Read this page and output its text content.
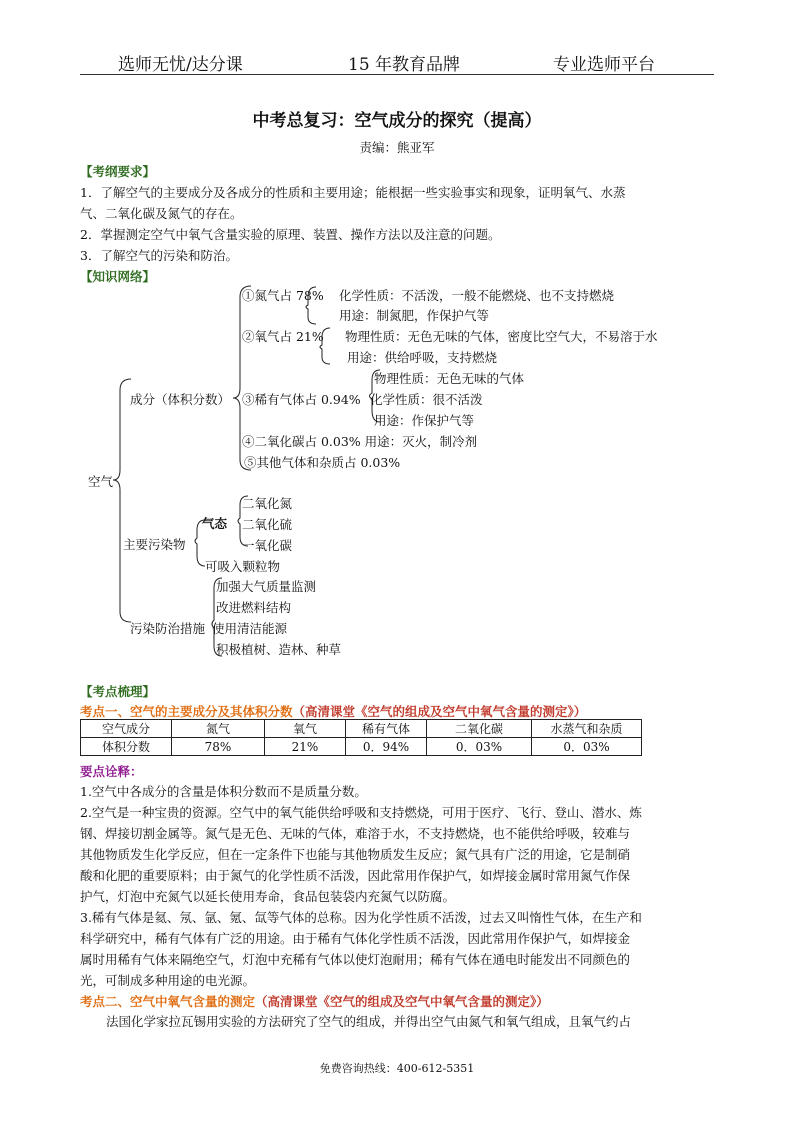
选师无忧/达分课	15 年教育品牌	专业选师平台
中考总复习：空气成分的探究（提高）
责编：熊亚军
【考纲要求】
1．了解空气的主要成分及各成分的性质和主要用途；能根据一些实验事实和现象，证明氧气、水蒸
气、二氧化碳及氮气的存在。
2．掌握测定空气中氧气含量实验的原理、装置、操作方法以及注意的问题。
3．了解空气的污染和防治。
【知识网络】
空气
成分（体积分数）
①氮气占 78% 化学性质：不活泼，一般不能燃烧、也不支持燃烧
用途：制氮肥，作保护气等
②氧气占 21% 物理性质：无色无味的气体，密度比空气大，不易溶于水
用途：供给呼吸，支持燃烧
③稀有气体占 0.94%
物理性质：无色无味的气体
化学性质：很不活泼
用途：作保护气等
④二氧化碳占 0.03% 用途：灭火，制冷剂
⑤其他气体和杂质占 0.03%
主要污染物
气态
二氧化氮
二氧化硫
一氧化碳
可吸入颗粒物
污染防治措施
加强大气质量监测
改进燃料结构
使用清洁能源
积极植树、造林、种草
【考点梳理】
考点一、空气的主要成分及其体积分数（高清课堂《空气的组成及空气中氧气含量的测定》）
空气成分	氮气	氧气	稀有气体	二氧化碳	水蒸气和杂质
体积分数	78%	21%	0．94%	0．03%	0．03%
要点诠释：
1.空气中各成分的含量是体积分数而不是质量分数。
2.空气是一种宝贵的资源。空气中的氧气能供给呼吸和支持燃烧，可用于医疗、飞行、登山、潜水、炼
钢、焊接切割金属等。氮气是无色、无味的气体，难溶于水，不支持燃烧，也不能供给呼吸，较难与
其他物质发生化学反应，但在一定条件下也能与其他物质发生反应；氮气具有广泛的用途，它是制硝
酸和化肥的重要原料；由于氮气的化学性质不活泼，因此常用作保护气，如焊接金属时常用氮气作保
护气，灯泡中充氮气以延长使用寿命，食品包装袋内充氮气以防腐。
3.稀有气体是氦、氖、氩、氪、氙等气体的总称。因为化学性质不活泼，过去又叫惰性气体，在生产和
科学研究中，稀有气体有广泛的用途。由于稀有气体化学性质不活泼，因此常用作保护气，如焊接金
属时用稀有气体来隔绝空气，灯泡中充稀有气体以使灯泡耐用；稀有气体在通电时能发出不同颜色的
光，可制成多种用途的电光源。
考点二、空气中氧气含量的测定（高清课堂《空气的组成及空气中氧气含量的测定》）
法国化学家拉瓦锡用实验的方法研究了空气的组成，并得出空气由氮气和氧气组成，且氧气约占
免费咨询热线：400-612-5351
